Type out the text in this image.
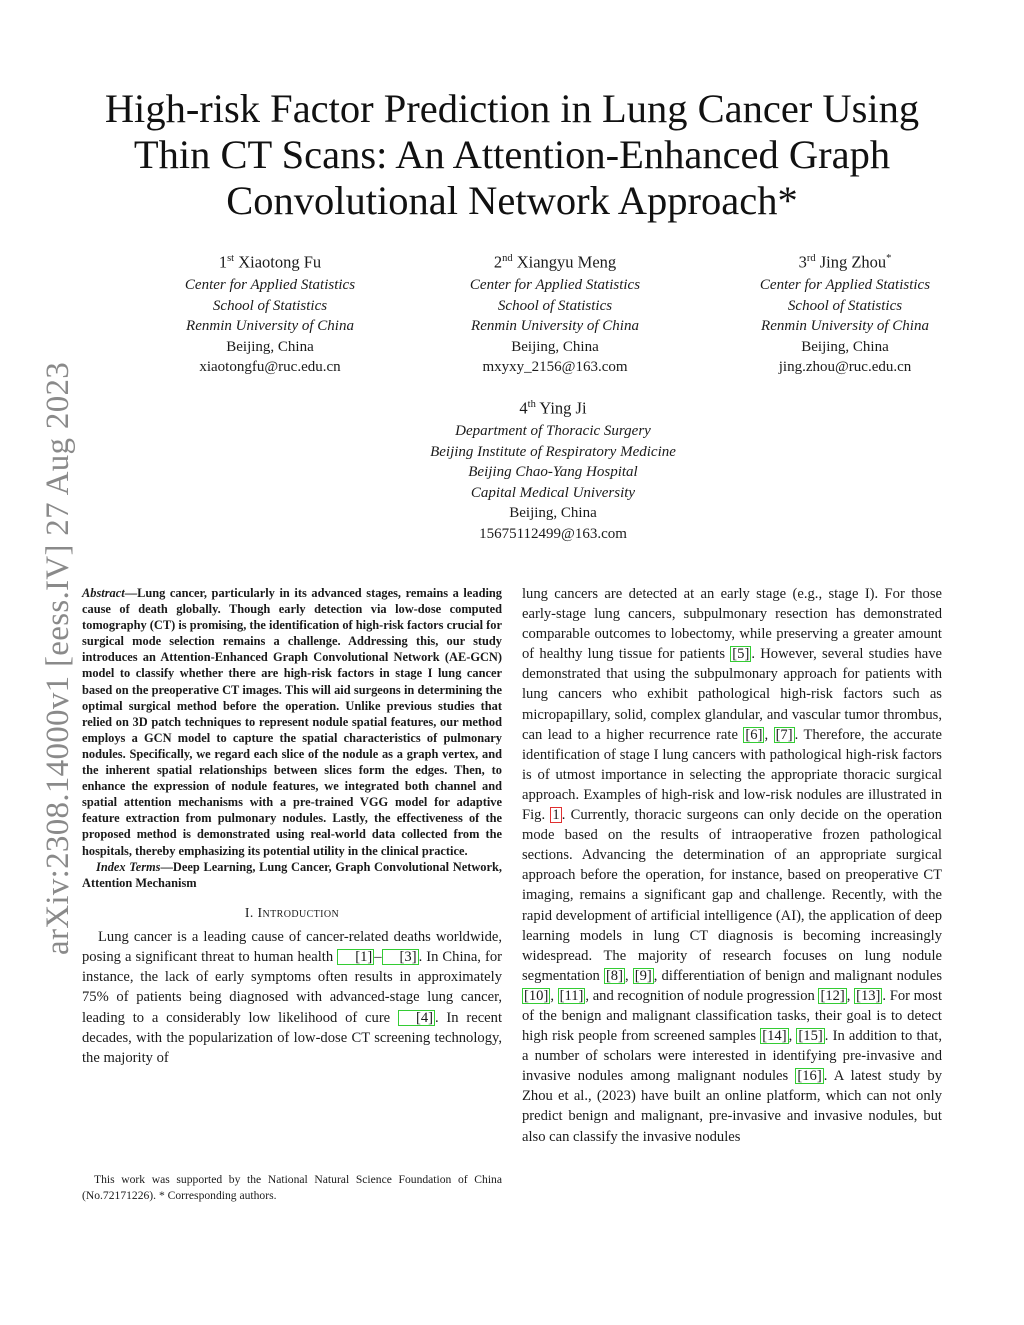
arXiv:2308.14000v1 [eess.IV] 27 Aug 2023
High-risk Factor Prediction in Lung Cancer Using
Thin CT Scans: An Attention-Enhanced Graph
Convolutional Network Approach*
1st Xiaotong Fu
Center for Applied Statistics
School of Statistics
Renmin University of China
Beijing, China
xiaotongfu@ruc.edu.cn
2nd Xiangyu Meng
Center for Applied Statistics
School of Statistics
Renmin University of China
Beijing, China
mxyxy_2156@163.com
3rd Jing Zhou*
Center for Applied Statistics
School of Statistics
Renmin University of China
Beijing, China
jing.zhou@ruc.edu.cn
4th Ying Ji
Department of Thoracic Surgery
Beijing Institute of Respiratory Medicine
Beijing Chao-Yang Hospital
Capital Medical University
Beijing, China
15675112499@163.com
Abstract—Lung cancer, particularly in its advanced stages, remains a leading cause of death globally. Though early detection via low-dose computed tomography (CT) is promising, the identification of high-risk factors crucial for surgical mode selection remains a challenge. Addressing this, our study introduces an Attention-Enhanced Graph Convolutional Network (AE-GCN) model to classify whether there are high-risk factors in stage I lung cancer based on the preoperative CT images. This will aid surgeons in determining the optimal surgical method before the operation. Unlike previous studies that relied on 3D patch techniques to represent nodule spatial features, our method employs a GCN model to capture the spatial characteristics of pulmonary nodules. Specifically, we regard each slice of the nodule as a graph vertex, and the inherent spatial relationships between slices form the edges. Then, to enhance the expression of nodule features, we integrated both channel and spatial attention mechanisms with a pre-trained VGG model for adaptive feature extraction from pulmonary nodules. Lastly, the effectiveness of the proposed method is demonstrated using real-world data collected from the hospitals, thereby emphasizing its potential utility in the clinical practice.
Index Terms—Deep Learning, Lung Cancer, Graph Convolutional Network, Attention Mechanism
I. Introduction
Lung cancer is a leading cause of cancer-related deaths worldwide, posing a significant threat to human health [1] – [3] . In China, for instance, the lack of early symptoms often results in approximately 75% of patients being diagnosed with advanced-stage lung cancer, leading to a considerably low likelihood of cure [4] . In recent decades, with the popularization of low-dose CT screening technology, the majority of
This work was supported by the National Natural Science Foundation of China (No.72171226). * Corresponding authors.
lung cancers are detected at an early stage (e.g., stage I). For those early-stage lung cancers, subpulmonary resection has demonstrated comparable outcomes to lobectomy, while preserving a greater amount of healthy lung tissue for patients [5] . However, several studies have demonstrated that using the subpulmonary approach for patients with lung cancers who exhibit pathological high-risk factors such as micropapillary, solid, complex glandular, and vascular tumor thrombus, can lead to a higher recurrence rate [6] , [7] . Therefore, the accurate identification of stage I lung cancers with pathological high-risk factors is of utmost importance in selecting the appropriate thoracic surgical approach. Examples of high-risk and low-risk nodules are illustrated in Fig. 1 . Currently, thoracic surgeons can only decide on the operation mode based on the results of intraoperative frozen pathological sections. Advancing the determination of an appropriate surgical approach before the operation, for instance, based on preoperative CT imaging, remains a significant gap and challenge. Recently, with the rapid development of artificial intelligence (AI), the application of deep learning models in lung CT diagnosis is becoming increasingly widespread. The majority of research focuses on lung nodule segmentation [8] , [9] , differentiation of benign and malignant nodules [10] , [11] , and recognition of nodule progression [12] , [13] . For most of the benign and malignant classification tasks, their goal is to detect high risk people from screened samples [14] , [15] . In addition to that, a number of scholars were interested in identifying pre-invasive and invasive nodules among malignant nodules [16] . A latest study by Zhou et al., (2023) have built an online platform, which can not only predict benign and malignant, pre-invasive and invasive nodules, but also can classify the invasive nodules
